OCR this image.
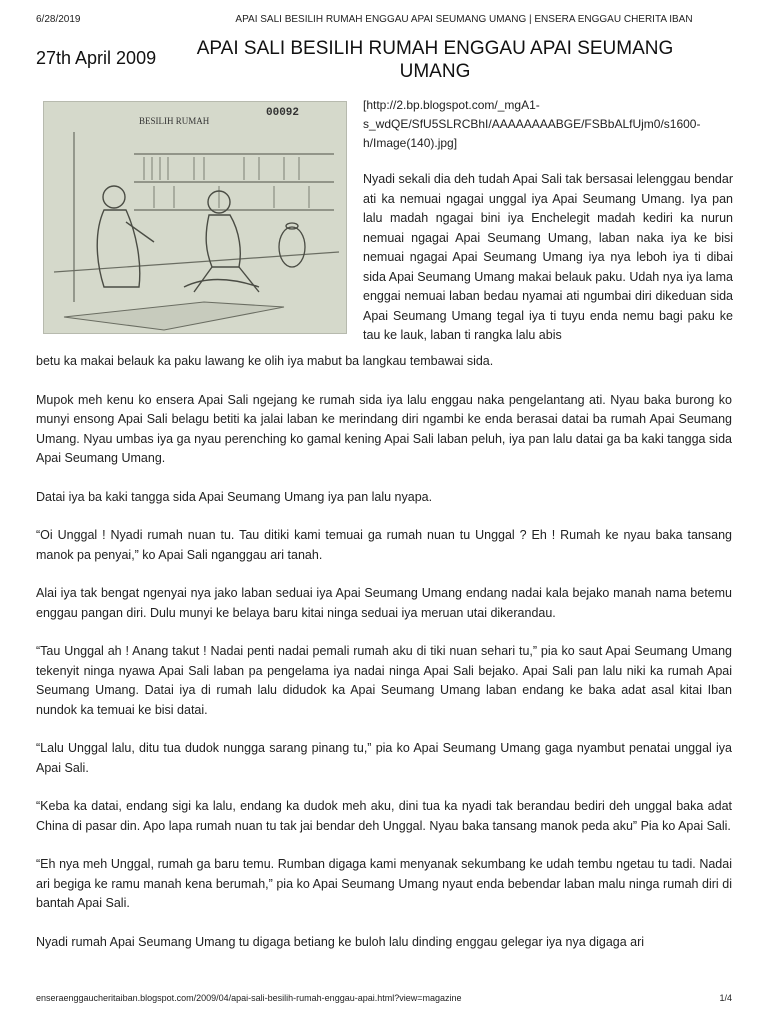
6/28/2019	APAI SALI BESILIH RUMAH ENGGAU APAI SEUMANG UMANG | ENSERA ENGGAU CHERITA IBAN
27th April 2009	APAI SALI BESILIH RUMAH ENGGAU APAI SEUMANG UMANG
BESILIH RUMAH
00092
[http://2.bp.blogspot.com/_mgA1-s_wdQE/SfU5SLRCBhI/AAAAAAAABGE/FSBbALfUjm0/s1600-h/Image(140).jpg]

Nyadi sekali dia deh tudah Apai Sali tak bersasai lelenggau bendar ati ka nemuai ngagai unggal iya Apai Seumang Umang. Iya pan lalu madah ngagai bini iya Enchelegit madah kediri ka nurun nemuai ngagai Apai Seumang Umang, laban naka iya ke bisi nemuai ngagai Apai Seumang Umang iya nya leboh iya ti dibai sida Apai Seumang Umang makai belauk paku. Udah nya iya lama enggai nemuai laban bedau nyamai ati ngumbai diri dikeduan sida Apai Seumang Umang tegal iya ti tuyu enda nemu bagi paku ke tau ke lauk, laban ti rangka lalu abis

betu ka makai belauk ka paku lawang ke olih iya mabut ba langkau tembawai sida.

Mupok meh kenu ko ensera Apai Sali ngejang ke rumah sida iya lalu enggau naka pengelantang ati. Nyau baka burong ko munyi ensong Apai Sali belagu betiti ka jalai laban ke merindang diri ngambi ke enda berasai datai ba rumah Apai Seumang Umang. Nyau umbas iya ga nyau perenching ko gamal kening Apai Sali laban peluh, iya pan lalu datai ga ba kaki tangga sida Apai Seumang Umang.

Datai iya ba kaki tangga sida Apai Seumang Umang iya pan lalu nyapa.

“Oi Unggal ! Nyadi rumah nuan tu. Tau ditiki kami temuai ga rumah nuan tu Unggal ? Eh ! Rumah ke nyau baka tansang manok pa penyai,” ko Apai Sali nganggau ari tanah.

Alai iya tak bengat ngenyai nya jako laban seduai iya Apai Seumang Umang endang nadai kala bejako manah nama betemu enggau pangan diri. Dulu munyi ke belaya baru kitai ninga seduai iya meruan utai dikerandau.

“Tau Unggal ah ! Anang takut ! Nadai penti nadai pemali rumah aku di tiki nuan sehari tu,” pia ko saut Apai Seumang Umang tekenyit ninga nyawa Apai Sali laban pa pengelama iya nadai ninga Apai Sali bejako. Apai Sali pan lalu niki ka rumah Apai Seumang Umang. Datai iya di rumah lalu didudok ka Apai Seumang Umang laban endang ke baka adat asal kitai Iban nundok ka temuai ke bisi datai.

“Lalu Unggal lalu, ditu tua dudok nungga sarang pinang tu,” pia ko Apai Seumang Umang gaga nyambut penatai unggal iya Apai Sali.

“Keba ka datai, endang sigi ka lalu, endang ka dudok meh aku, dini tua ka nyadi tak berandau bediri deh unggal baka adat China di pasar din. Apo lapa rumah nuan tu tak jai bendar deh Unggal. Nyau baka tansang manok peda aku” Pia ko Apai Sali.

“Eh nya meh Unggal, rumah ga baru temu. Rumban digaga kami menyanak sekumbang ke udah tembu ngetau tu tadi. Nadai ari begiga ke ramu manah kena berumah,” pia ko Apai Seumang Umang nyaut enda bebendar laban malu ninga rumah diri di bantah Apai Sali.

Nyadi rumah Apai Seumang Umang tu digaga betiang ke buloh lalu dinding enggau gelegar iya nya digaga ari

enseraenggaucheritaiban.blogspot.com/2009/04/apai-sali-besilih-rumah-enggau-apai.html?view=magazine	1/4
